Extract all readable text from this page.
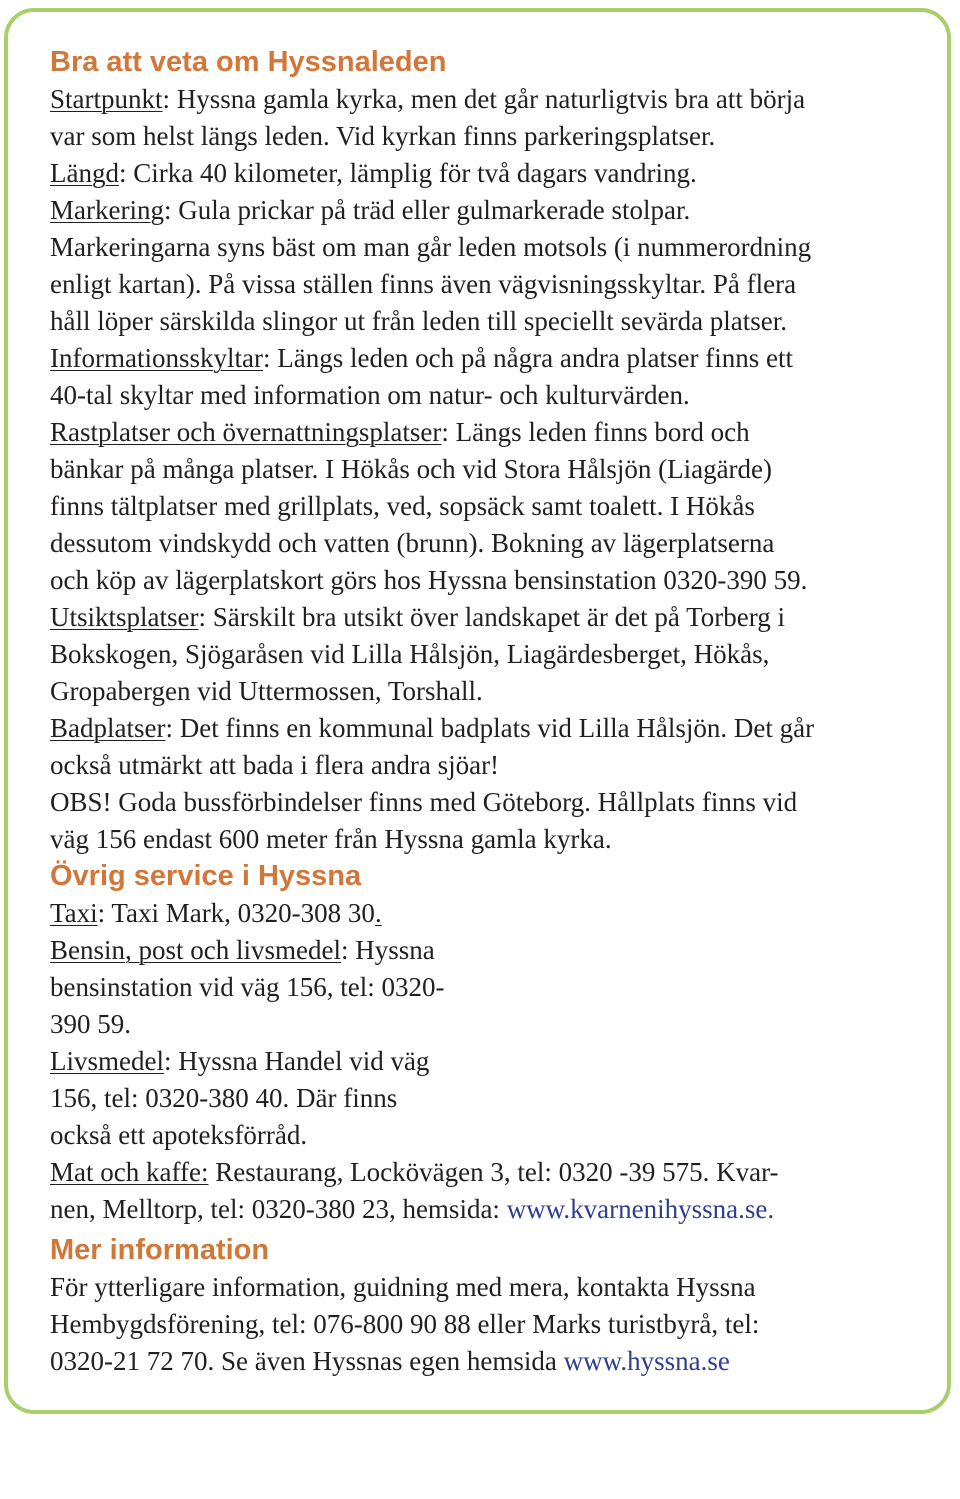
Bra att veta om Hyssnaleden

Startpunkt: Hyssna gamla kyrka, men det går naturligtvis bra att börja

var som helst längs leden. Vid kyrkan finns parkeringsplatser.

Längd: Cirka 40 kilometer, lämplig för två dagars vandring.

Markering: Gula prickar på träd eller gulmarkerade stolpar.

Markeringarna syns bäst om man går leden motsols (i nummerordning

enligt kartan). På vissa ställen finns även vägvisningsskyltar. På flera

håll löper särskilda slingor ut från leden till speciellt sevärda platser.

Informationsskyltar: Längs leden och på några andra platser finns ett

40-tal skyltar med information om natur- och kulturvärden.

Rastplatser och övernattningsplatser: Längs leden finns bord och

bänkar på många platser. I Hökås och vid Stora Hålsjön (Liagärde)

finns tältplatser med grillplats, ved, sopsäck samt toalett. I Hökås

dessutom vindskydd och vatten (brunn). Bokning av lägerplatserna

och köp av lägerplatskort görs hos Hyssna bensinstation 0320-390 59.

Utsiktsplatser: Särskilt bra utsikt över landskapet är det på Torberg i

Bokskogen, Sjögaråsen vid Lilla Hålsjön, Liagärdesberget, Hökås,

Gropabergen vid Uttermossen, Torshall.

Badplatser: Det finns en kommunal badplats vid Lilla Hålsjön. Det går

också utmärkt att bada i flera andra sjöar!

OBS! Goda bussförbindelser finns med Göteborg. Hållplats finns vid

väg 156 endast 600 meter från Hyssna gamla kyrka.

Övrig service i Hyssna

Taxi: Taxi Mark, 0320-308 30.

Bensin, post och livsmedel: Hyssna

bensinstation vid väg 156, tel: 0320-

390 59.

Livsmedel: Hyssna Handel vid väg

156, tel: 0320-380 40. Där finns

också ett apoteksförråd.

Mat och kaffe: Restaurang, Lockövägen 3, tel: 0320 -39 575. Kvar-

nen, Melltorp, tel: 0320-380 23, hemsida: www.kvarnenihyssna.se.

Mer information

För ytterligare information, guidning med mera, kontakta Hyssna

Hembygdsförening, tel: 076-800 90 88 eller Marks turistbyrå, tel:

0320-21 72 70. Se även Hyssnas egen hemsida www.hyssna.se
